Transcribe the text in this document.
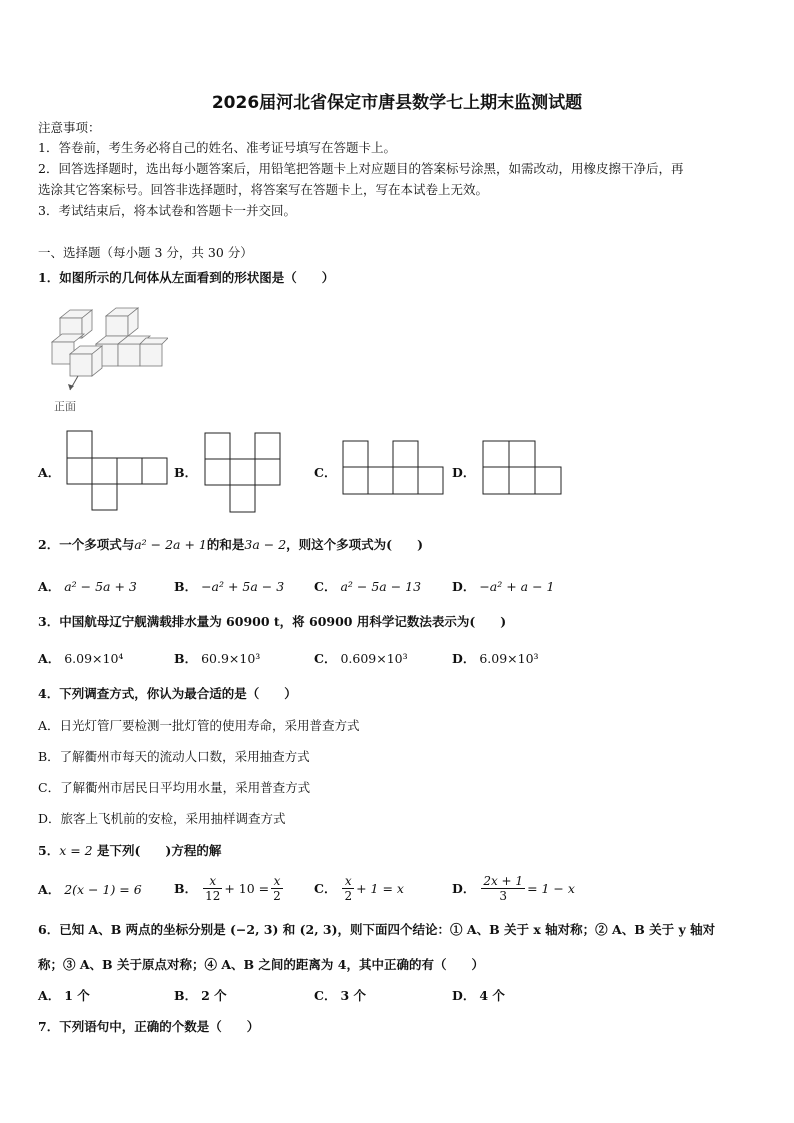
2026届河北省保定市唐县数学七上期末监测试题
注意事项：
1．答卷前，考生务必将自己的姓名、准考证号填写在答题卡上。
2．回答选择题时，选出每小题答案后，用铅笔把答题卡上对应题目的答案标号涂黑，如需改动，用橡皮擦干净后，再
选涂其它答案标号。回答非选择题时，将答案写在答题卡上，写在本试卷上无效。
3．考试结束后，将本试卷和答题卡一并交回。
一、选择题（每小题 3 分，共 30 分）
1．如图所示的几何体从左面看到的形状图是（　　）
正面
A．	B．	C．	D．
2．一个多项式与a² − 2a + 1的和是3a − 2，则这个多项式为(　　)
A． a² − 5a + 3	B． −a² + 5a − 3 C． a² − 5a − 13 D． −a² + a − 1
3．中国航母辽宁舰满载排水量为 60900 t，将 60900 用科学记数法表示为(　　)
A． 6.09×10⁴	B． 60.9×10³	C． 0.609×10³	D． 6.09×10³
4．下列调查方式，你认为最合适的是（　　）
A．日光灯管厂要检测一批灯管的使用寿命，采用普查方式
B．了解衢州市每天的流动人口数，采用抽查方式
C．了解衢州市居民日平均用水量，采用普查方式
D．旅客上飞机前的安检，采用抽样调查方式
5．x = 2 是下列(　　)方程的解
A．
2(x − 1) = 6	B．
$\frac{x}{12} + 10 = \frac{x}{2}$ C．
$\frac{x}{2} + 1 = x$	D．
$\frac{2x + 1}{3} = 1 - x$
6．已知 A、B 两点的坐标分别是 (−2, 3) 和 (2, 3)，则下面四个结论：① A、B 关于 x 轴对称；② A、B 关于 y 轴对
称；③ A、B 关于原点对称；④ A、B 之间的距离为 4，其中正确的有（　　）
A． 1 个	B． 2 个	C． 3 个	D． 4 个
7．下列语句中，正确的个数是（　　）
